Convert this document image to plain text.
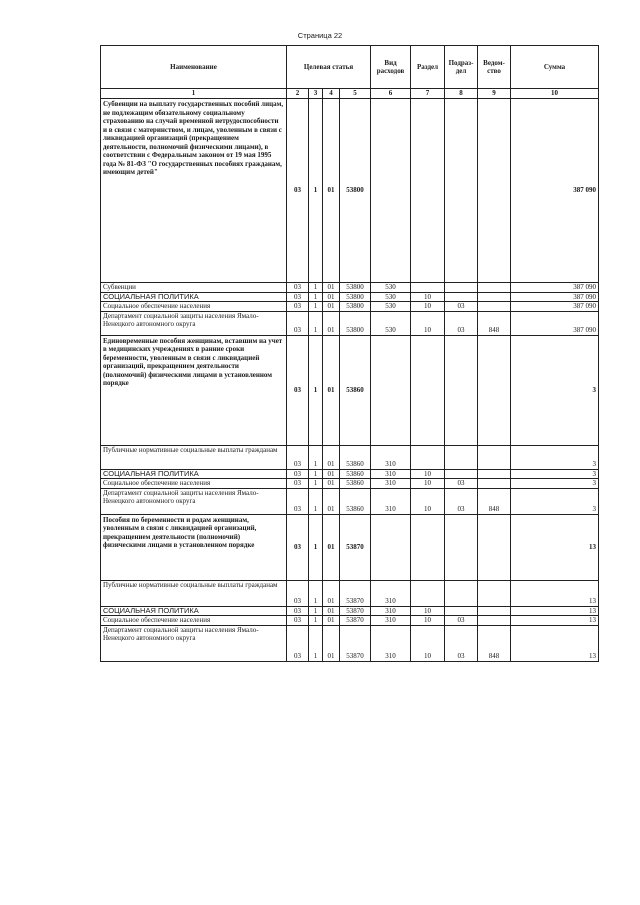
Страница 22
Наименование	Целевая статья				Вид расходов	Раздел	Подраз-дел	Ведом-ство	Сумма
1	2	3	4	5	6	7	8	9	10
Субвенции на выплату государственных пособий лицам, не подлежащим обязательному социальному страхованию на случай временной нетрудоспособности и в связи с материнством, и лицам, уволенным в связи с ликвидацией организаций (прекращением деятельности, полномочий физическими лицами), в соответствии с Федеральным законом от 19 мая 1995 года № 81-ФЗ "О государственных пособиях гражданам, имеющим детей"	03	1	01	53800					387 090
Субвенции	03	1	01	53800	530				387 090
СОЦИАЛЬНАЯ ПОЛИТИКА	03	1	01	53800	530	10			387 090
Социальное обеспечение населения	03	1	01	53800	530	10	03		387 090
Департамент социальной защиты населения Ямало-Ненецкого автономного округа	03	1	01	53800	530	10	03	848	387 090
Единовременные пособия женщинам, вставшим на учет в медицинских учреждениях в ранние сроки беременности, уволенным в связи с ликвидацией организаций, прекращением деятельности (полномочий) физическими лицами в установленном порядке	03	1	01	53860					3
Публичные нормативные социальные выплаты гражданам	03	1	01	53860	310				3
СОЦИАЛЬНАЯ ПОЛИТИКА	03	1	01	53860	310	10			3
Социальное обеспечение населения	03	1	01	53860	310	10	03		3
Департамент социальной защиты населения Ямало-Ненецкого автономного округа	03	1	01	53860	310	10	03	848	3
Пособия по беременности и родам женщинам, уволенным в связи с ликвидацией организаций, прекращением деятельности (полномочий) физическими лицами в установленном порядке	03	1	01	53870					13
Публичные нормативные социальные выплаты гражданам	03	1	01	53870	310				13
СОЦИАЛЬНАЯ ПОЛИТИКА	03	1	01	53870	310	10			13
Социальное обеспечение населения	03	1	01	53870	310	10	03		13
Департамент социальной защиты населения Ямало-Ненецкого автономного округа	03	1	01	53870	310	10	03	848	13
